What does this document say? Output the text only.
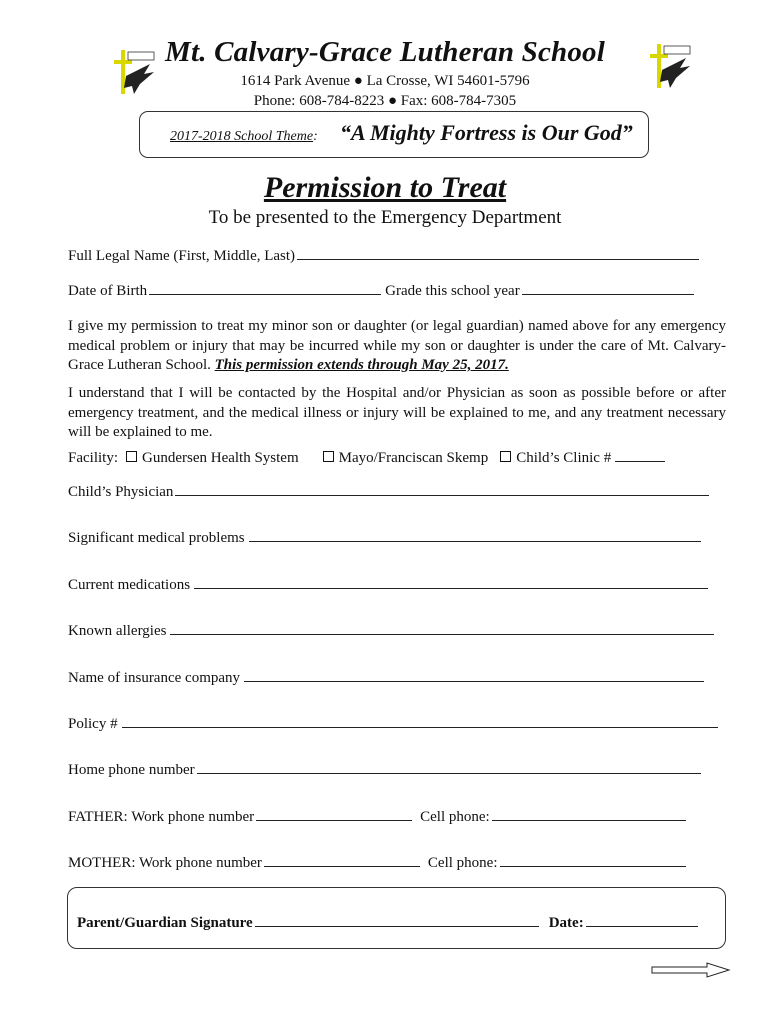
Mt. Calvary-Grace Lutheran School
1614 Park Avenue ● La Crosse, WI 54601-5796
Phone: 608-784-8223 ● Fax: 608-784-7305
2017-2018 School Theme: “A Mighty Fortress is Our God”
Permission to Treat
To be presented to the Emergency Department
Full Legal Name (First, Middle, Last)
Date of Birth	Grade this school year
I give my permission to treat my minor son or daughter (or legal guardian) named above for any emergency medical problem or injury that may be incurred while my son or daughter is under the care of Mt. Calvary-Grace Lutheran School. This permission extends through May 25, 2017.
I understand that I will be contacted by the Hospital and/or Physician as soon as possible before or after emergency treatment, and the medical illness or injury will be explained to me, and any treatment necessary will be explained to me.
Facility: Gundersen Health System	Mayo/Franciscan Skemp Child’s Clinic #
Child’s Physician
Significant medical problems
Current medications
Known allergies
Name of insurance company
Policy #
Home phone number
FATHER: Work phone number	Cell phone:
MOTHER: Work phone number	Cell phone:
Parent/Guardian Signature	Date:
